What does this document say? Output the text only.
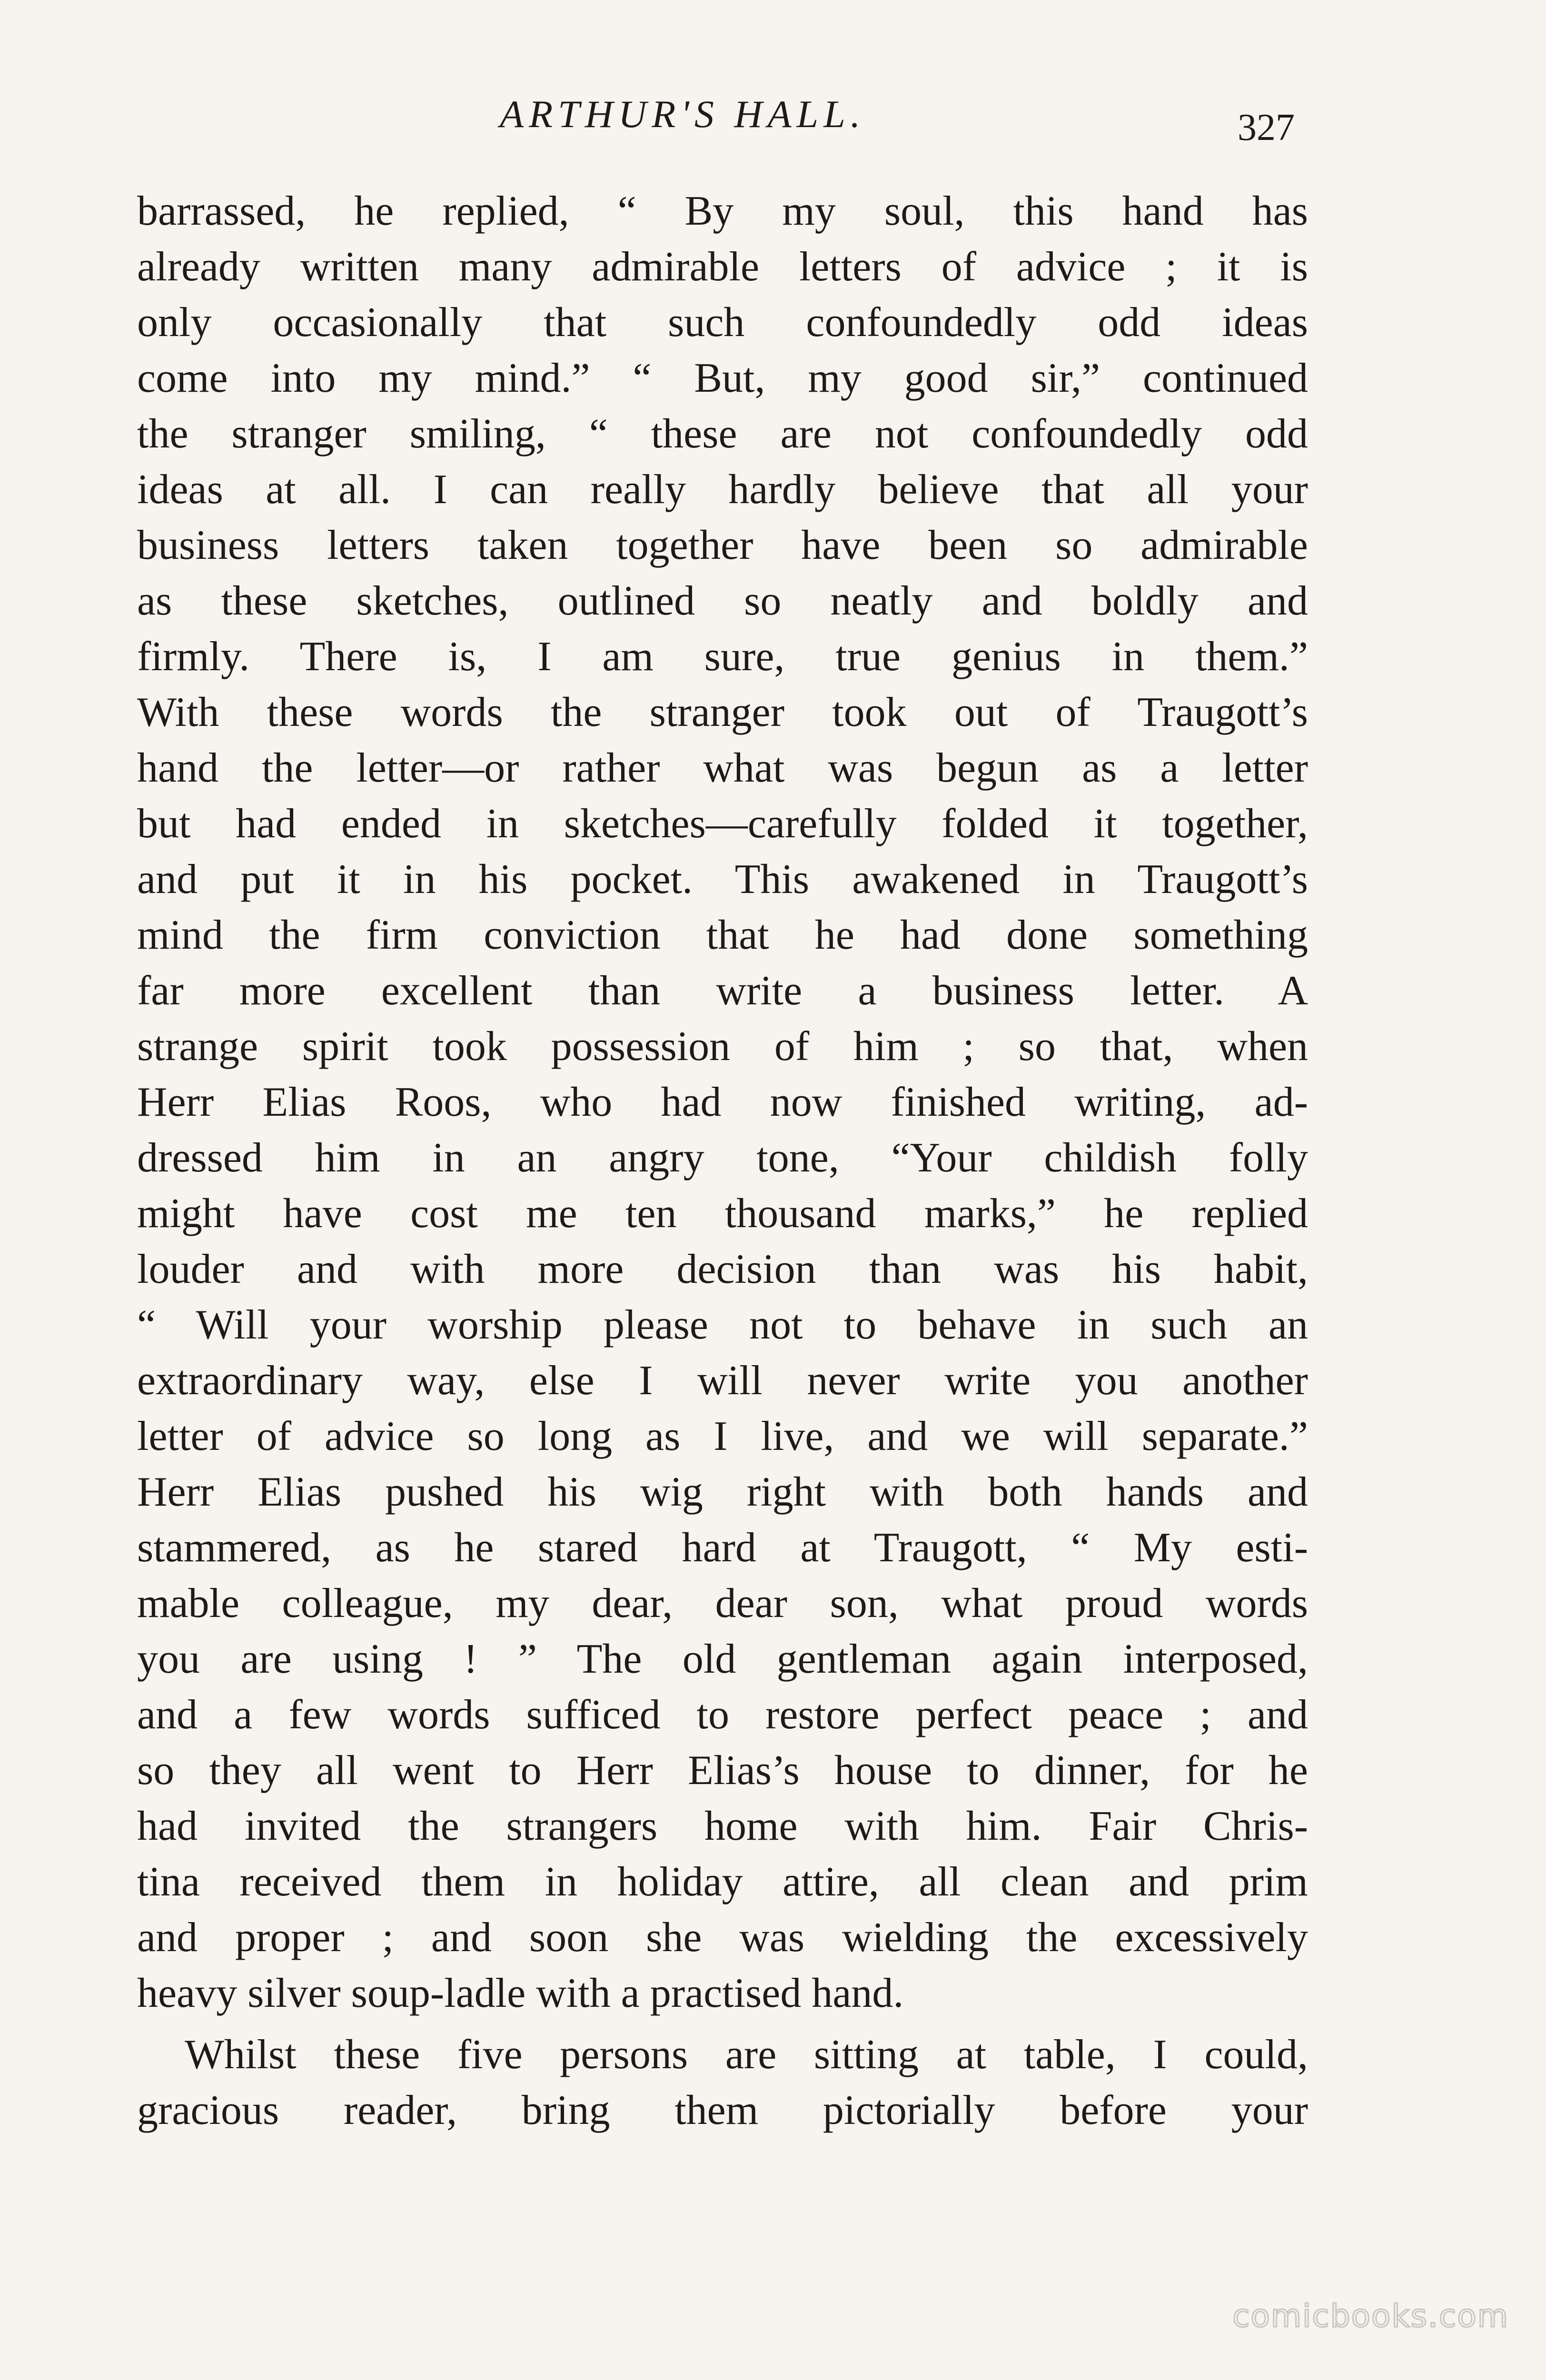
ARTHUR'S HALL.	327
barrassed, he replied, “ By my soul, this hand has
already written many admirable letters of advice ; it is
only occasionally that such confoundedly odd ideas
come into my mind.” “ But, my good sir,” continued
the stranger smiling, “ these are not confoundedly odd
ideas at all. I can really hardly believe that all your
business letters taken together have been so admirable
as these sketches, outlined so neatly and boldly and
firmly. There is, I am sure, true genius in them.”
With these words the stranger took out of Traugott’s
hand the letter—or rather what was begun as a letter
but had ended in sketches—carefully folded it together,
and put it in his pocket. This awakened in Traugott’s
mind the firm conviction that he had done something
far more excellent than write a business letter. A
strange spirit took possession of him ; so that, when
Herr Elias Roos, who had now finished writing, ad-
dressed him in an angry tone, “Your childish folly
might have cost me ten thousand marks,” he replied
louder and with more decision than was his habit,
“ Will your worship please not to behave in such an
extraordinary way, else I will never write you another
letter of advice so long as I live, and we will separate.”
Herr Elias pushed his wig right with both hands and
stammered, as he stared hard at Traugott, “ My esti-
mable colleague, my dear, dear son, what proud words
you are using ! ” The old gentleman again interposed,
and a few words sufficed to restore perfect peace ; and
so they all went to Herr Elias’s house to dinner, for he
had invited the strangers home with him. Fair Chris-
tina received them in holiday attire, all clean and prim
and proper ; and soon she was wielding the excessively
heavy silver soup-ladle with a practised hand.
Whilst these five persons are sitting at table, I could,
gracious reader, bring them pictorially before your
comicbooks.com
